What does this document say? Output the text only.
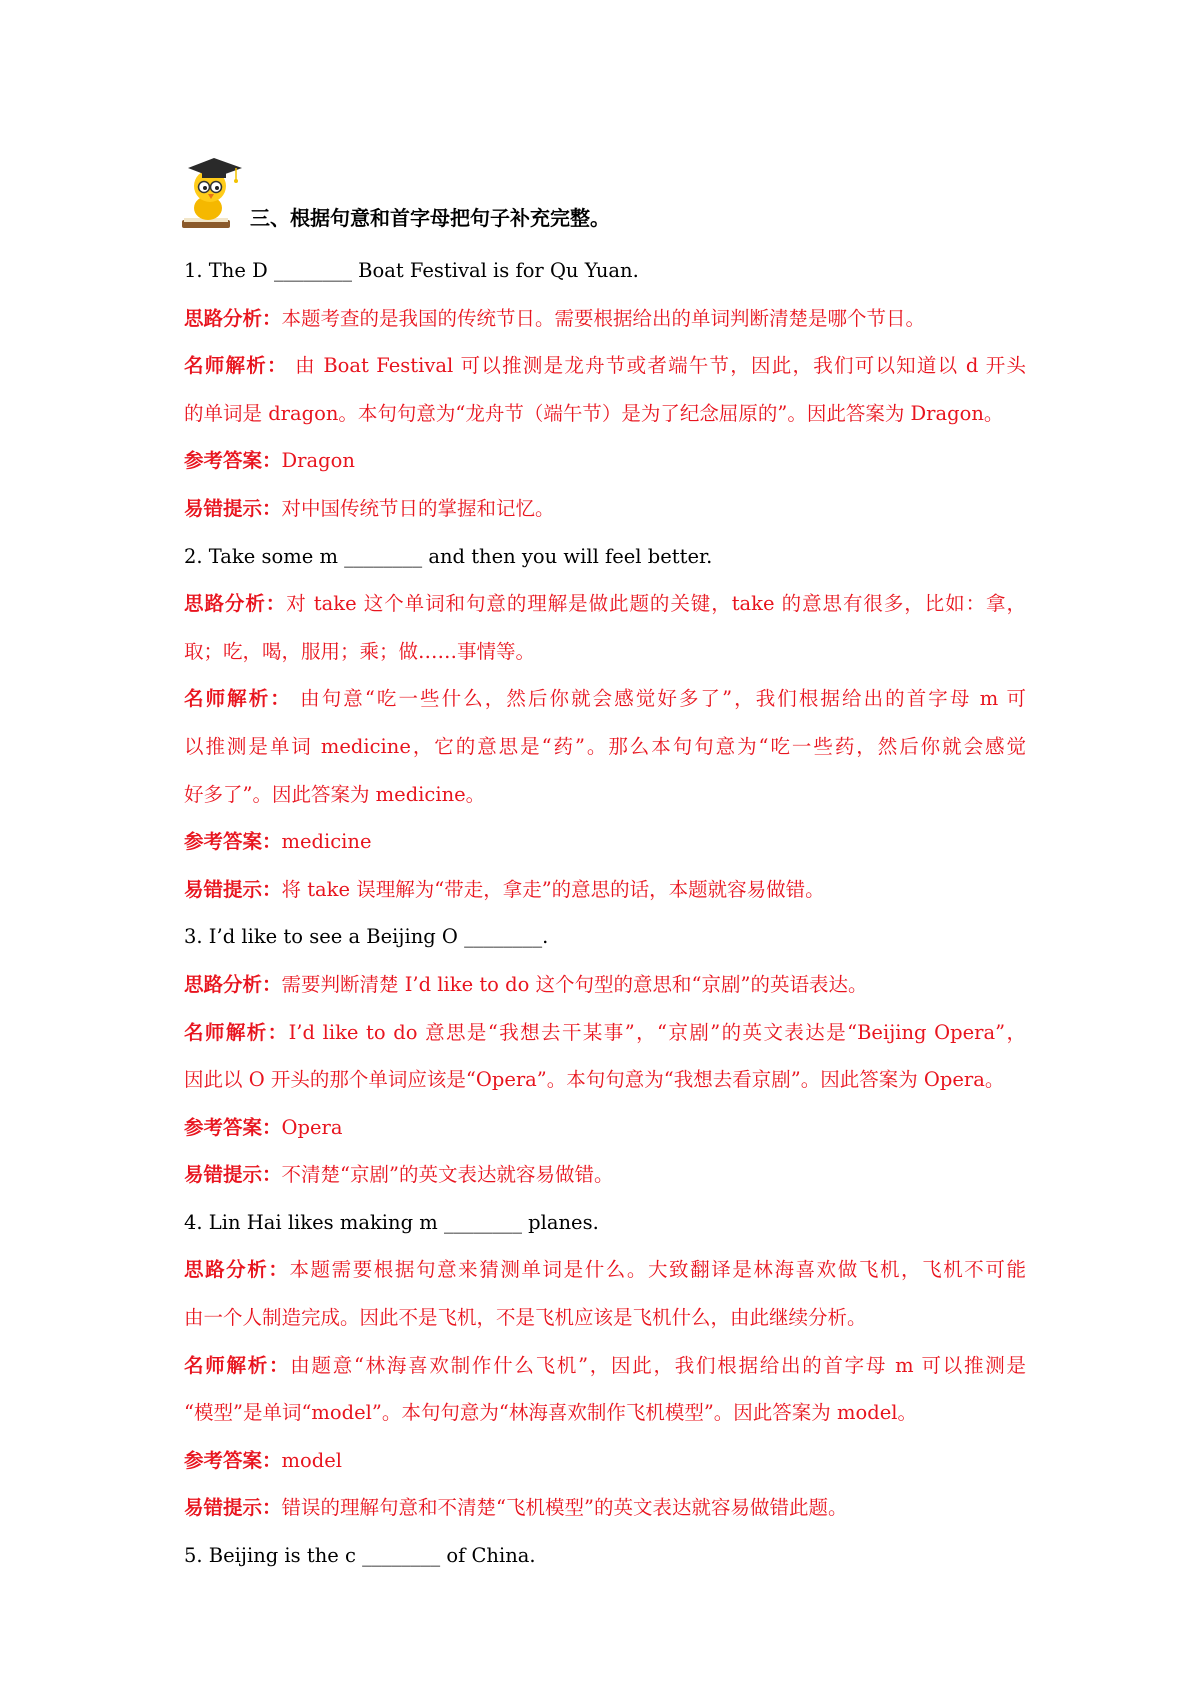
三、根据句意和首字母把句子补充完整。
1. The D ________ Boat Festival is for Qu Yuan.
思路分析：本题考查的是我国的传统节日。需要根据给出的单词判断清楚是哪个节日。
名师解析： 由 Boat Festival 可以推测是龙舟节或者端午节，因此，我们可以知道以 d 开头
的单词是 dragon。本句句意为“龙舟节（端午节）是为了纪念屈原的”。因此答案为 Dragon。
参考答案：Dragon
易错提示：对中国传统节日的掌握和记忆。
2. Take some m ________ and then you will feel better.
思路分析：对 take 这个单词和句意的理解是做此题的关键，take 的意思有很多，比如：拿，
取；吃，喝，服用；乘；做……事情等。
名师解析： 由句意“吃一些什么，然后你就会感觉好多了”，我们根据给出的首字母 m 可
以推测是单词 medicine，它的意思是“药”。那么本句句意为“吃一些药，然后你就会感觉
好多了”。因此答案为 medicine。
参考答案：medicine
易错提示：将 take 误理解为“带走，拿走”的意思的话，本题就容易做错。
3. I’d like to see a Beijing O ________.
思路分析：需要判断清楚 I’d like to do 这个句型的意思和“京剧”的英语表达。
名师解析：I’d like to do 意思是“我想去干某事”，“京剧”的英文表达是“Beijing Opera”，
因此以 O 开头的那个单词应该是“Opera”。本句句意为“我想去看京剧”。因此答案为 Opera。
参考答案：Opera
易错提示：不清楚“京剧”的英文表达就容易做错。
4. Lin Hai likes making m ________ planes.
思路分析：本题需要根据句意来猜测单词是什么。大致翻译是林海喜欢做飞机，飞机不可能
由一个人制造完成。因此不是飞机，不是飞机应该是飞机什么，由此继续分析。
名师解析：由题意“林海喜欢制作什么飞机”，因此，我们根据给出的首字母 m 可以推测是
“模型”是单词“model”。本句句意为“林海喜欢制作飞机模型”。因此答案为 model。
参考答案：model
易错提示：错误的理解句意和不清楚“飞机模型”的英文表达就容易做错此题。
5. Beijing is the c ________ of China.
